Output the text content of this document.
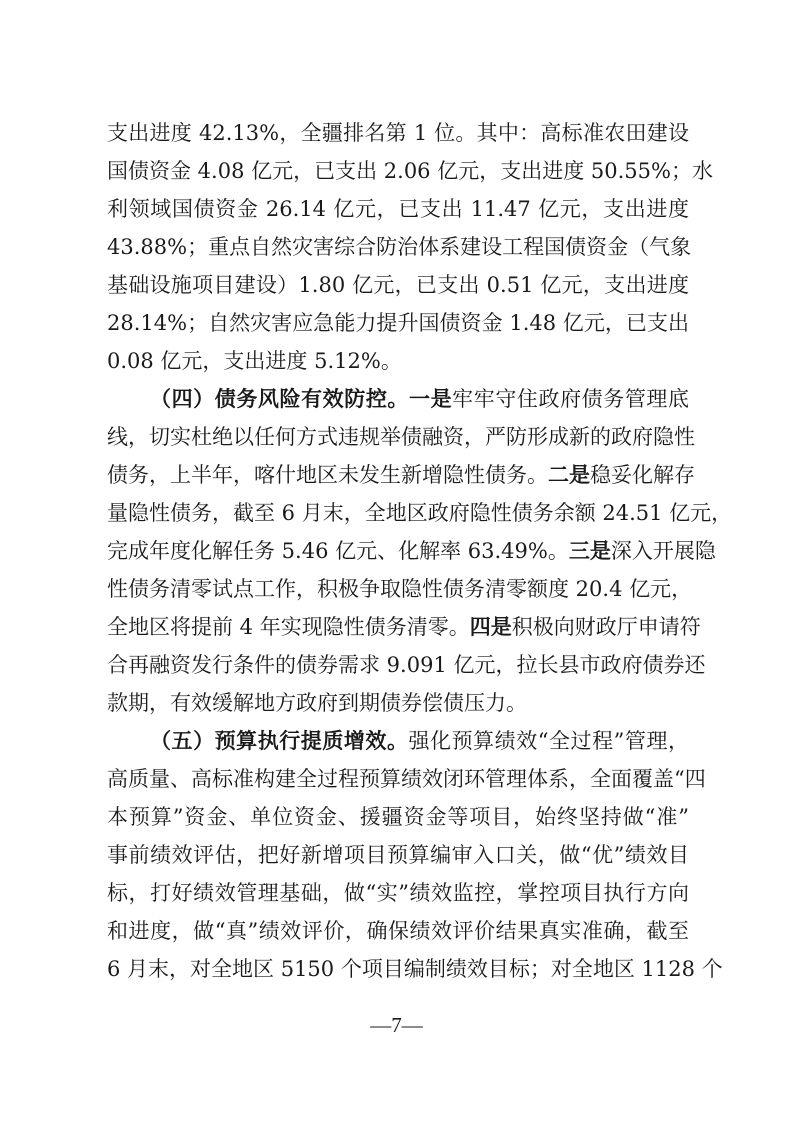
支出进度 42.13%，全疆排名第 1 位。其中：高标准农田建设
国债资金 4.08 亿元，已支出 2.06 亿元，支出进度 50.55%；水
利领域国债资金 26.14 亿元，已支出 11.47 亿元，支出进度
43.88%；重点自然灾害综合防治体系建设工程国债资金（气象
基础设施项目建设）1.80 亿元，已支出 0.51 亿元，支出进度
28.14%；自然灾害应急能力提升国债资金 1.48 亿元，已支出
0.08 亿元，支出进度 5.12%。
（四）债务风险有效防控。一是牢牢守住政府债务管理底
线，切实杜绝以任何方式违规举债融资，严防形成新的政府隐性
债务，上半年，喀什地区未发生新增隐性债务。二是稳妥化解存
量隐性债务，截至 6 月末，全地区政府隐性债务余额 24.51 亿元，
完成年度化解任务 5.46 亿元、化解率 63.49%。三是深入开展隐
性债务清零试点工作，积极争取隐性债务清零额度 20.4 亿元，
全地区将提前 4 年实现隐性债务清零。四是积极向财政厅申请符
合再融资发行条件的债券需求 9.091 亿元，拉长县市政府债券还
款期，有效缓解地方政府到期债券偿债压力。
（五）预算执行提质增效。强化预算绩效“全过程”管理，
高质量、高标准构建全过程预算绩效闭环管理体系，全面覆盖“四
本预算”资金、单位资金、援疆资金等项目，始终坚持做“准”
事前绩效评估，把好新增项目预算编审入口关，做“优”绩效目
标，打好绩效管理基础，做“实”绩效监控，掌控项目执行方向
和进度，做“真”绩效评价，确保绩效评价结果真实准确，截至
6 月末，对全地区 5150 个项目编制绩效目标；对全地区 1128 个
—7—
